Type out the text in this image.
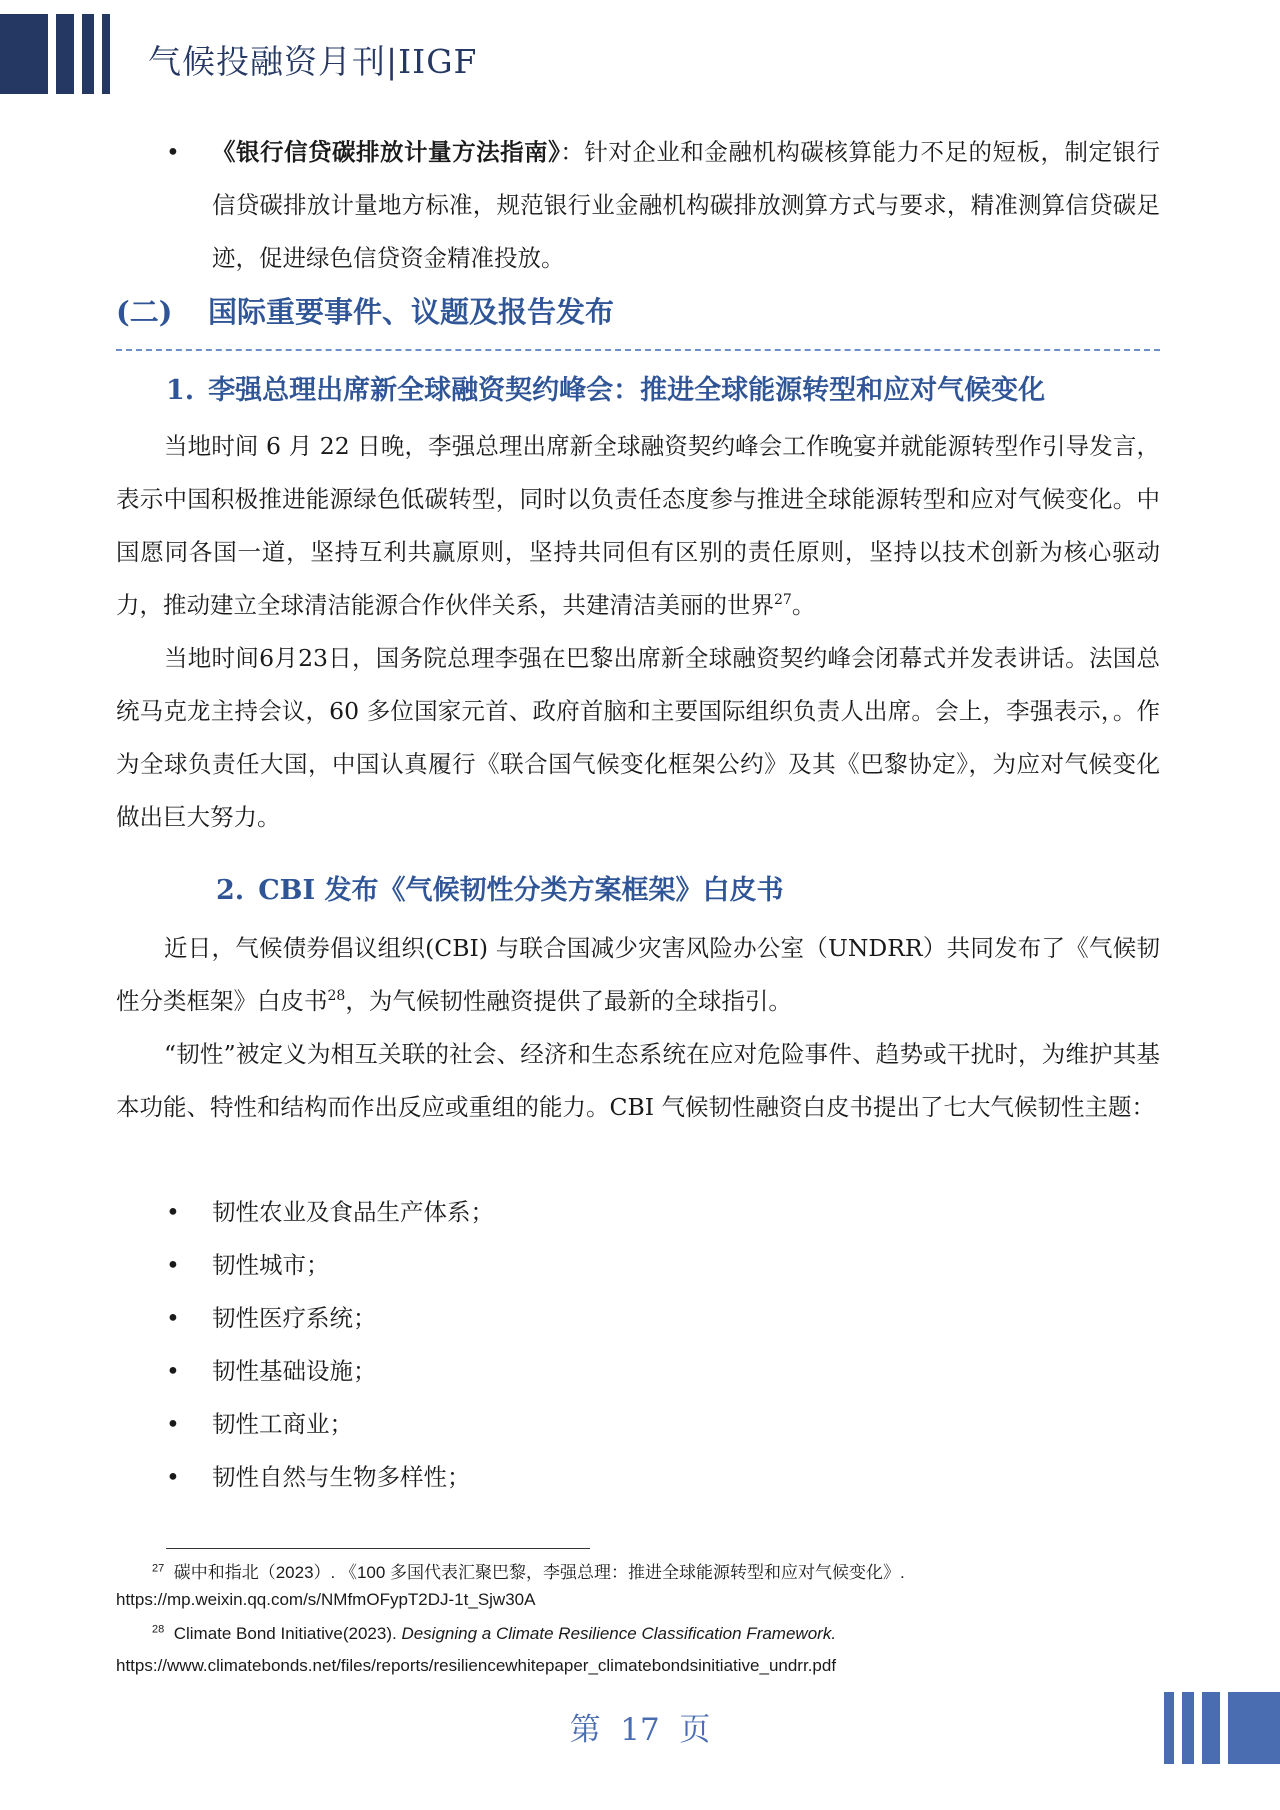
气候投融资月刊|IIGF
• 《银行信贷碳排放计量方法指南》：针对企业和金融机构碳核算能力不足的短板，制定银行信贷碳排放计量地方标准，规范银行业金融机构碳排放测算方式与要求，精准测算信贷碳足迹，促进绿色信贷资金精准投放。
(二) 国际重要事件、议题及报告发布
1. 李强总理出席新全球融资契约峰会：推进全球能源转型和应对气候变化

当地时间 6 月 22 日晚，李强总理出席新全球融资契约峰会工作晚宴并就能源转型作引导发言，表示中国积极推进能源绿色低碳转型，同时以负责任态度参与推进全球能源转型和应对气候变化。中国愿同各国一道，坚持互利共赢原则，坚持共同但有区别的责任原则，坚持以技术创新为核心驱动力，推动建立全球清洁能源合作伙伴关系，共建清洁美丽的世界$^{27}$。

当地时间6月23日，国务院总理李强在巴黎出席新全球融资契约峰会闭幕式并发表讲话。法国总统马克龙主持会议，60 多位国家元首、政府首脑和主要国际组织负责人出席。会上，李强表示，。作为全球负责任大国，中国认真履行《联合国气候变化框架公约》及其《巴黎协定》，为应对气候变化做出巨大努力。

2. CBI 发布《气候韧性分类方案框架》白皮书

近日，气候债券倡议组织(CBI) 与联合国减少灾害风险办公室（UNDRR）共同发布了《气候韧性分类框架》白皮书$^{28}$，为气候韧性融资提供了最新的全球指引。

“韧性”被定义为相互关联的社会、经济和生态系统在应对危险事件、趋势或干扰时，为维护其基本功能、特性和结构而作出反应或重组的能力。CBI 气候韧性融资白皮书提出了七大气候韧性主题：

• 韧性农业及食品生产体系；
• 韧性城市；
• 韧性医疗系统；
• 韧性基础设施；
• 韧性工商业；
• 韧性自然与生物多样性；
$^{27}$ 碳中和指北（2023）. 《100 多国代表汇聚巴黎，李强总理：推进全球能源转型和应对气候变化》.
https://mp.weixin.qq.com/s/NMfmOFypT2DJ-1t_Sjw30A
$^{28}$ Climate Bond Initiative(2023). Designing a Climate Resilience Classification Framework.
https://www.climatebonds.net/files/reports/resiliencewhitepaper_climatebondsinitiative_undrr.pdf
第  17  页
